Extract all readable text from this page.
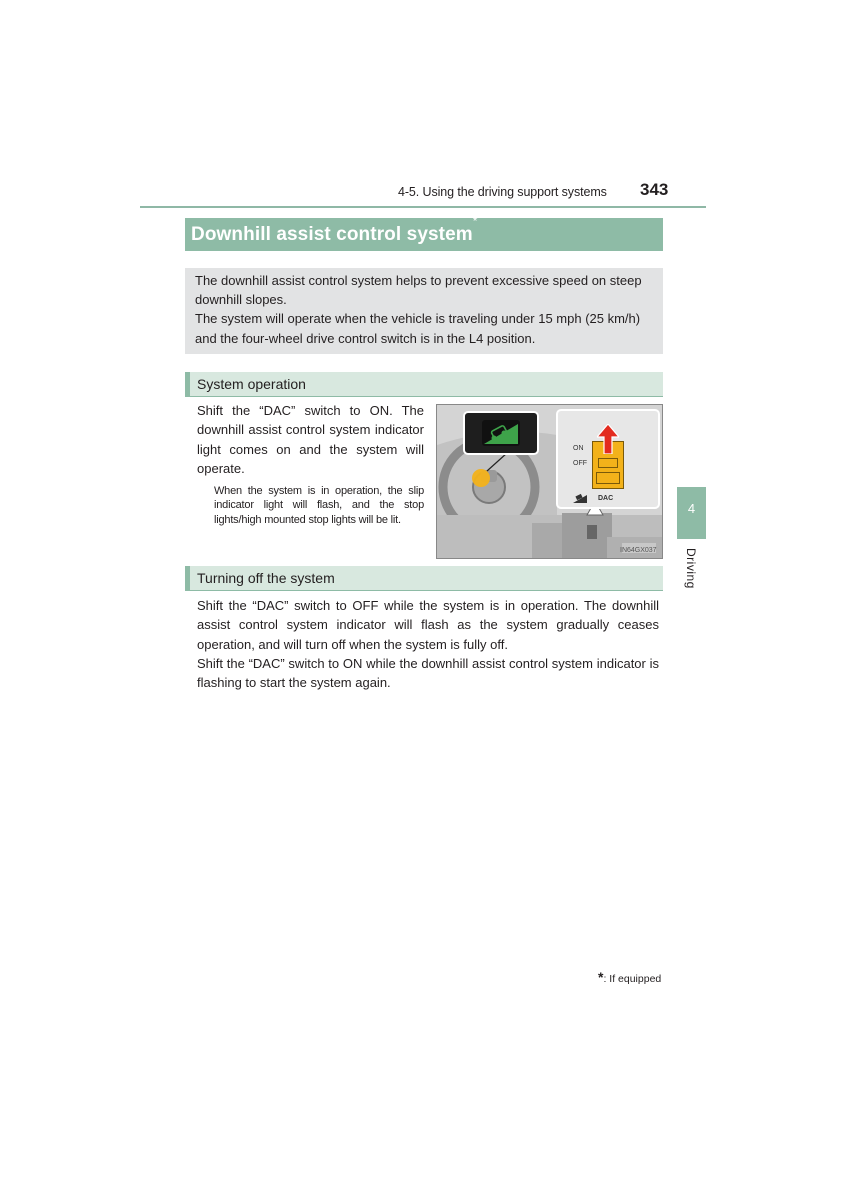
4-5. Using the driving support systems 343
Downhill assist control system*

The downhill assist control system helps to prevent excessive speed on steep downhill slopes.

The system will operate when the vehicle is traveling under 15 mph (25 km/h) and the four-wheel drive control switch is in the L4 position.

System operation

Shift the “DAC” switch to ON. The downhill assist control system indicator light comes on and the system will operate.

When the system is in operation, the slip indicator light will flash, and the stop lights/high mounted stop lights will be lit.

ON
OFF
DAC
IN64GX037
Turning off the system

Shift the “DAC” switch to OFF while the system is in operation. The downhill assist control system indicator will flash as the system gradually ceases operation, and will turn off when the system is fully off.

Shift the “DAC” switch to ON while the downhill assist control system indicator is flashing to start the system again.

4
Driving
*: If equipped
